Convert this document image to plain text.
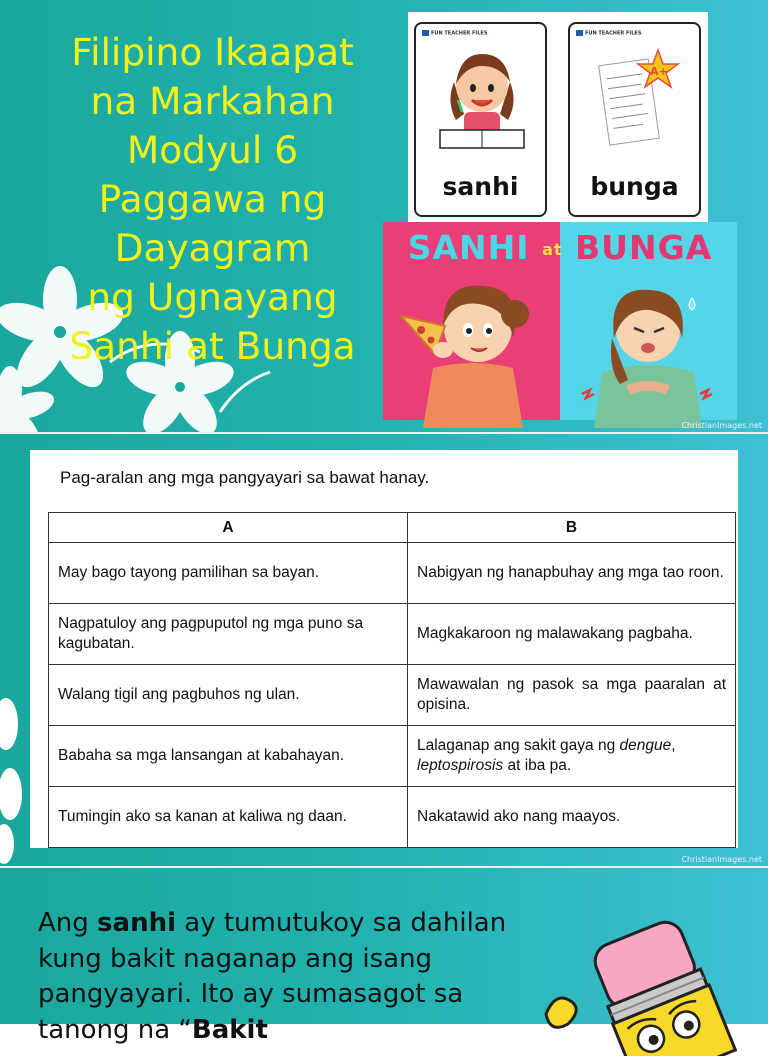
Filipino Ikaapat
na Markahan
Modyul 6
Paggawa ng
Dayagram
ng Ugnayang
Sanhi at Bunga
FUN TEACHER FILES
sanhi
FUN TEACHER FILES
A+
bunga
SANHI at BUNGA
ChristianImages.net
Pag-aralan ang mga pangyayari sa bawat hanay.
A	B
May bago tayong pamilihan sa bayan.	Nabigyan ng hanapbuhay ang mga tao roon.
Nagpatuloy ang pagpuputol ng mga puno sa kagubatan.	Magkakaroon ng malawakang pagbaha.
Walang tigil ang pagbuhos ng ulan.	Mawawalan ng pasok sa mga paaralan at opisina.
Babaha sa mga lansangan at kabahayan.	Lalaganap ang sakit gaya ng dengue, leptospirosis at iba pa.
Tumingin ako sa kanan at kaliwa ng daan.	Nakatawid ako nang maayos.
ChristianImages.net
Ang sanhi ay tumutukoy sa dahilan kung bakit naganap ang isang pangyayari. Ito ay sumasagot sa tanong na “Bakit
